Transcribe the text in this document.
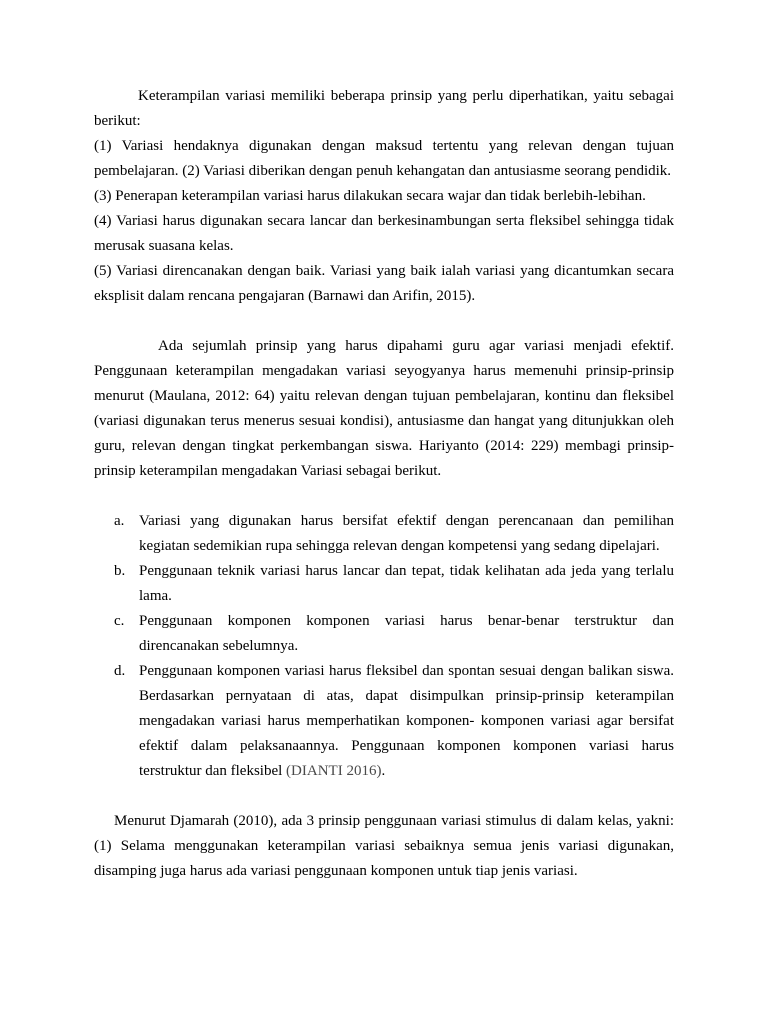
Keterampilan variasi memiliki beberapa prinsip yang perlu diperhatikan, yaitu sebagai berikut:

(1) Variasi hendaknya digunakan dengan maksud tertentu yang relevan dengan tujuan pembelajaran. (2) Variasi diberikan dengan penuh kehangatan dan antusiasme seorang pendidik.

(3) Penerapan keterampilan variasi harus dilakukan secara wajar dan tidak berlebih-lebihan.

(4) Variasi harus digunakan secara lancar dan berkesinambungan serta fleksibel sehingga tidak merusak suasana kelas.

(5) Variasi direncanakan dengan baik. Variasi yang baik ialah variasi yang dicantumkan secara eksplisit dalam rencana pengajaran (Barnawi dan Arifin, 2015).

Ada sejumlah prinsip yang harus dipahami guru agar variasi menjadi efektif. Penggunaan keterampilan mengadakan variasi seyogyanya harus memenuhi prinsip-prinsip menurut (Maulana, 2012: 64) yaitu relevan dengan tujuan pembelajaran, kontinu dan fleksibel (variasi digunakan terus menerus sesuai kondisi), antusiasme dan hangat yang ditunjukkan oleh guru, relevan dengan tingkat perkembangan siswa. Hariyanto (2014: 229) membagi prinsip-prinsip keterampilan mengadakan Variasi sebagai berikut.

a. Variasi yang digunakan harus bersifat efektif dengan perencanaan dan pemilihan kegiatan sedemikian rupa sehingga relevan dengan kompetensi yang sedang dipelajari.
b. Penggunaan teknik variasi harus lancar dan tepat, tidak kelihatan ada jeda yang terlalu lama.
c. Penggunaan komponen komponen variasi harus benar-benar terstruktur dan direncanakan sebelumnya.
d. Penggunaan komponen variasi harus fleksibel dan spontan sesuai dengan balikan siswa. Berdasarkan pernyataan di atas, dapat disimpulkan prinsip-prinsip keterampilan mengadakan variasi harus memperhatikan komponen- komponen variasi agar bersifat efektif dalam pelaksanaannya. Penggunaan komponen komponen variasi harus terstruktur dan fleksibel (DIANTI 2016).

Menurut Djamarah (2010), ada 3 prinsip penggunaan variasi stimulus di dalam kelas, yakni: (1) Selama menggunakan keterampilan variasi sebaiknya semua jenis variasi digunakan, disamping juga harus ada variasi penggunaan komponen untuk tiap jenis variasi.
